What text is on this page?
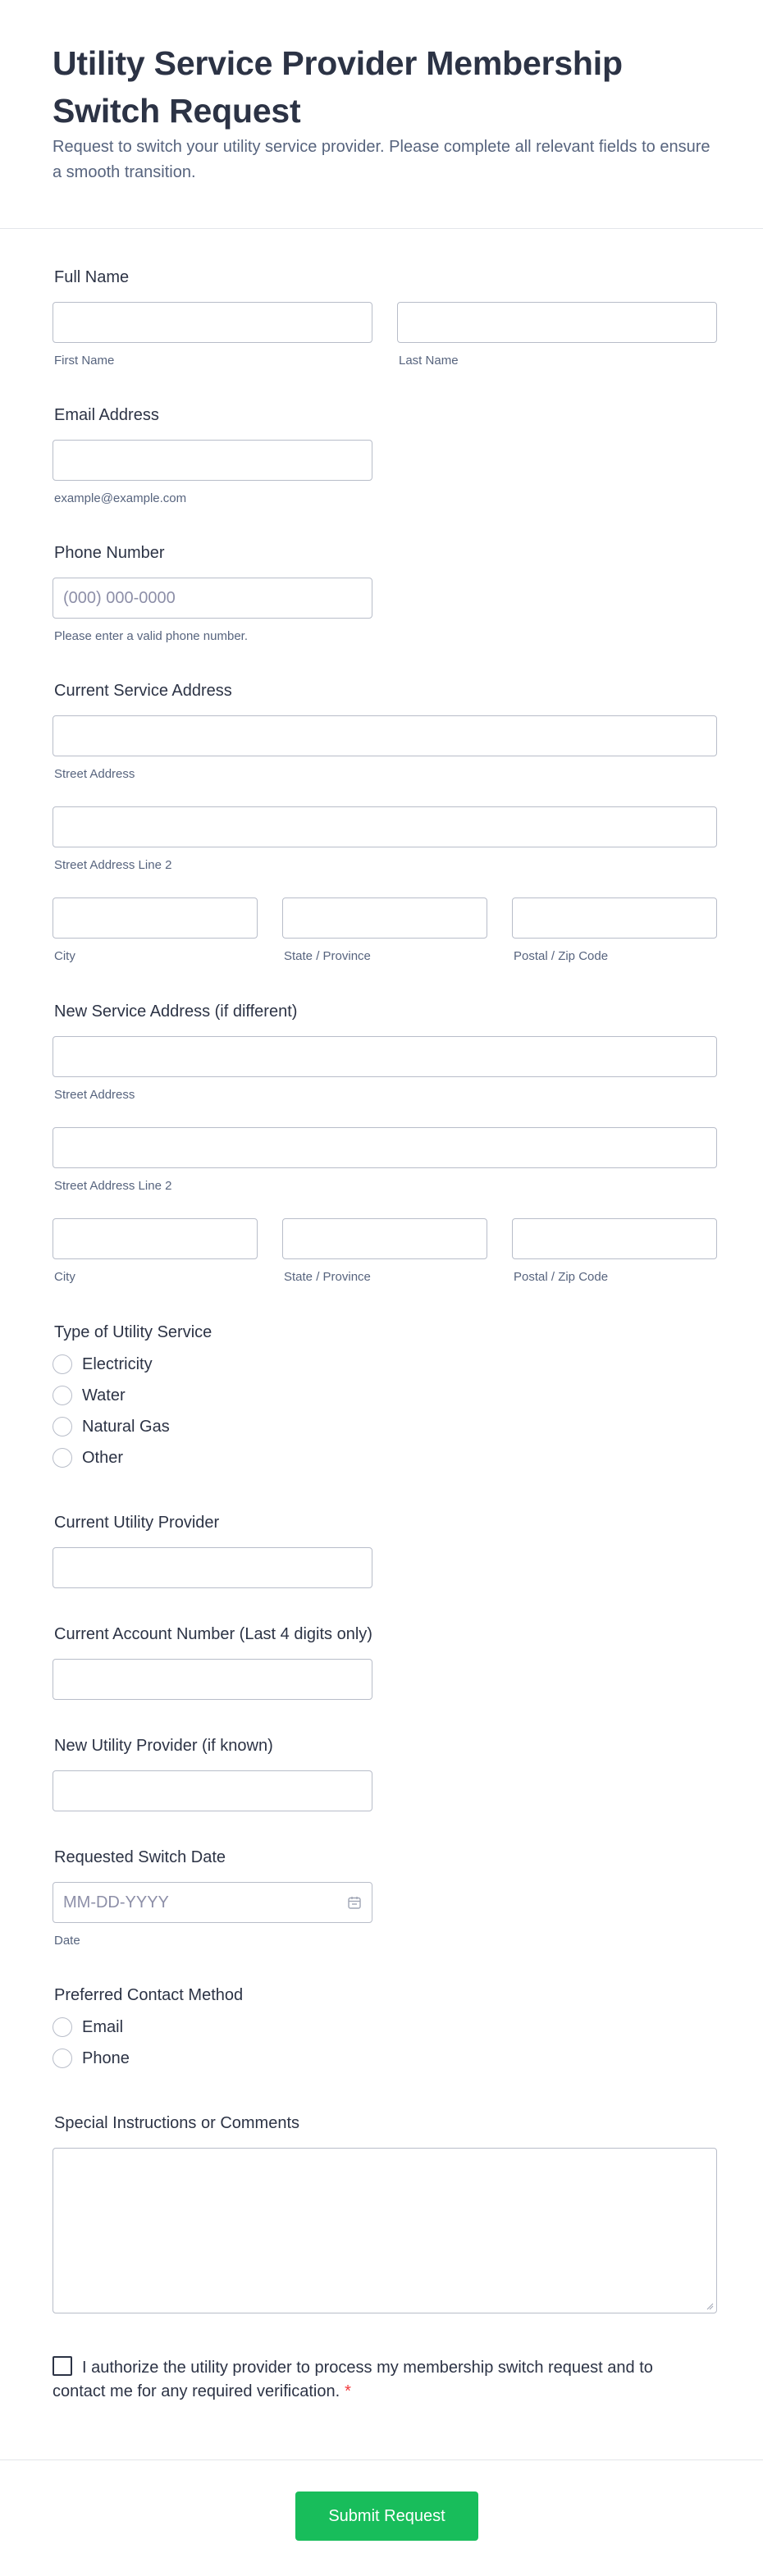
Utility Service Provider Membership Switch Request

Request to switch your utility service provider. Please complete all relevant fields to ensure a smooth transition.

Full Name
First Name	Last Name
Email Address
example@example.com
Phone Number
(000) 000-0000
Please enter a valid phone number.
Current Service Address
Street Address
Street Address Line 2
City	State / Province	Postal / Zip Code
New Service Address (if different)
Street Address
Street Address Line 2
City	State / Province	Postal / Zip Code
Type of Utility Service
Electricity
Water
Natural Gas
Other
Current Utility Provider
Current Account Number (Last 4 digits only)
New Utility Provider (if known)
Requested Switch Date
MM-DD-YYYY
Date
Preferred Contact Method
Email
Phone
Special Instructions or Comments
I authorize the utility provider to process my membership switch request and to contact me for any required verification. *
Submit Request
